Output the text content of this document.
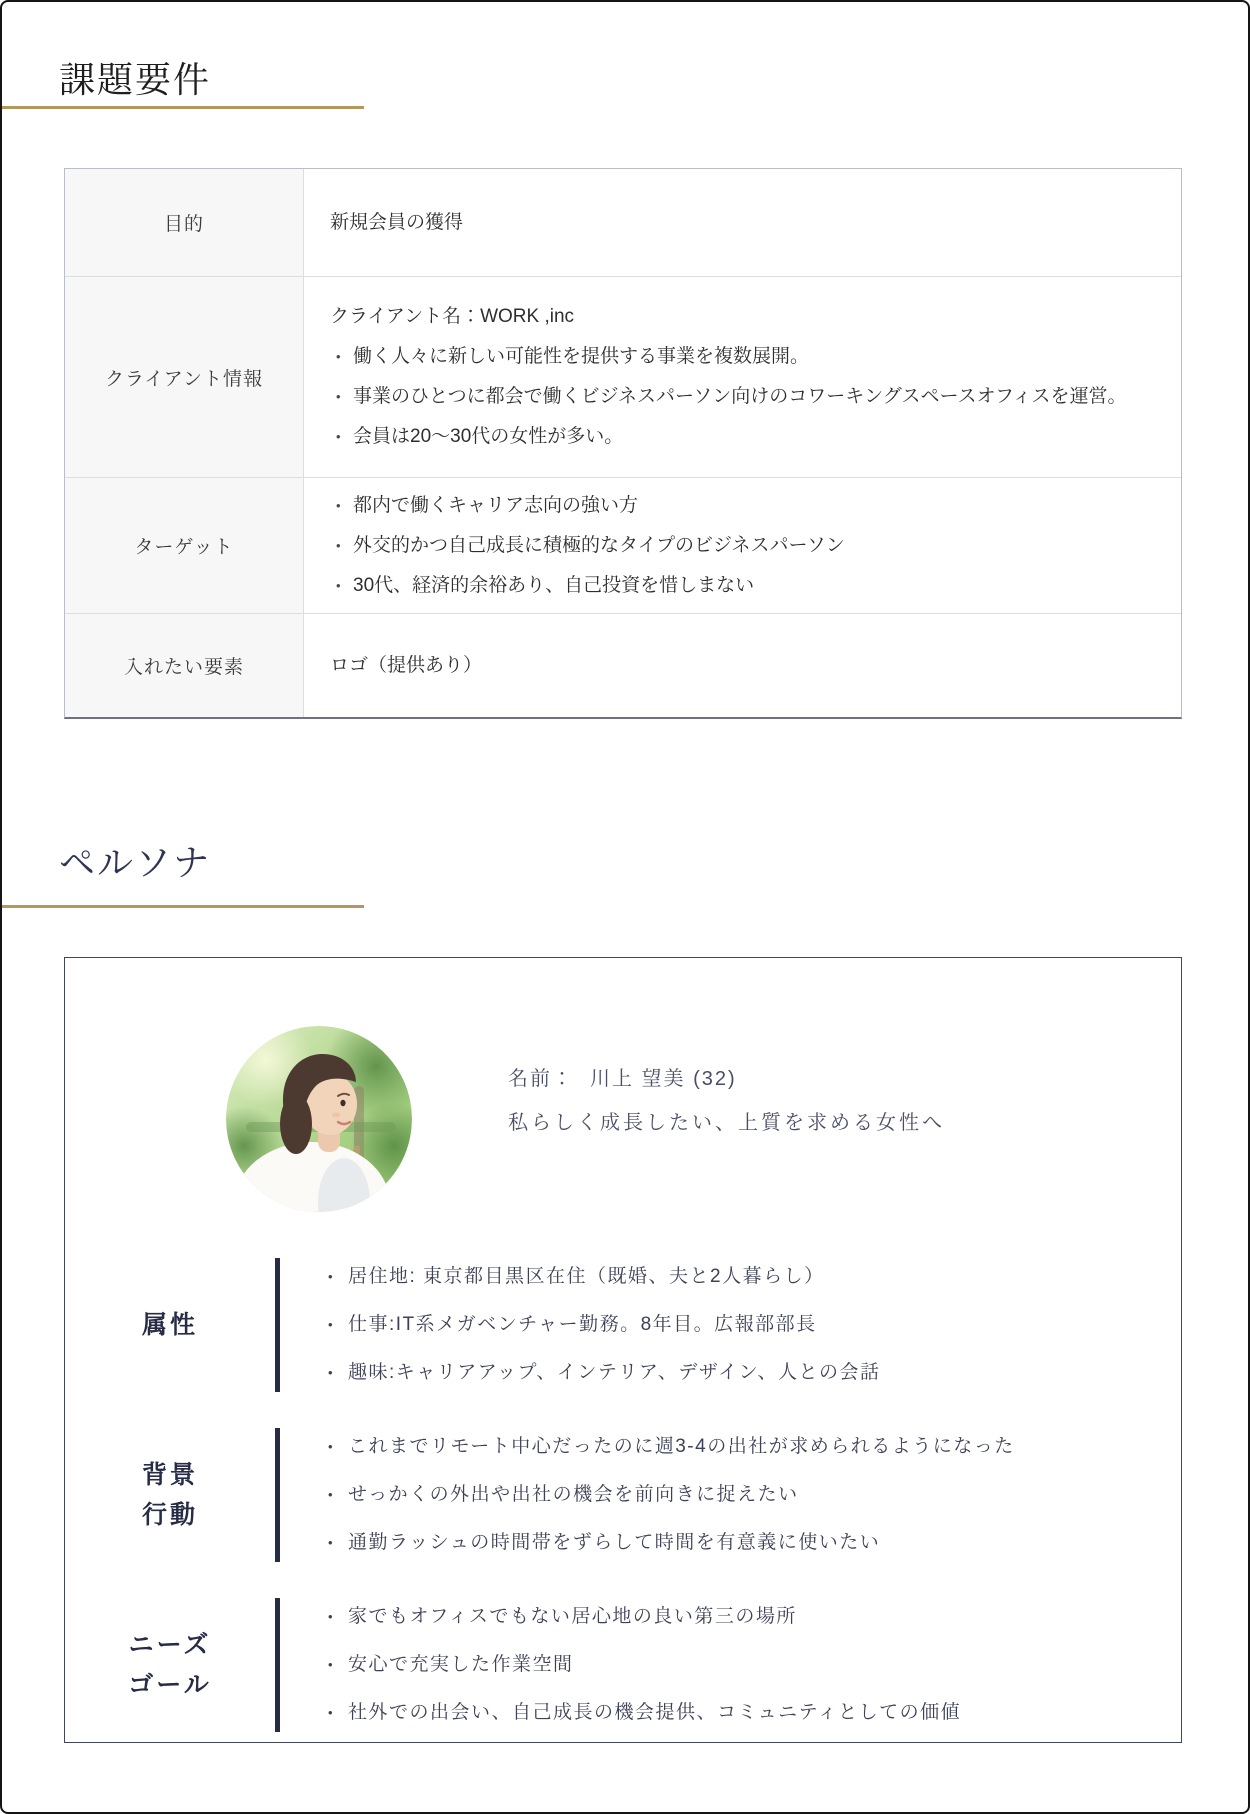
課題要件
目的	新規会員の獲得
クライアント情報
クライアント名：WORK ,inc
• 働く人々に新しい可能性を提供する事業を複数展開。
• 事業のひとつに都会で働くビジネスパーソン向けのコワーキングスペースオフィスを運営。
• 会員は20〜30代の女性が多い。
ターゲット
• 都内で働くキャリア志向の強い方
• 外交的かつ自己成長に積極的なタイプのビジネスパーソン
• 30代、経済的余裕あり、自己投資を惜しまない
入れたい要素	ロゴ（提供あり）
ペルソナ
名前： 川上 望美 (32)
私らしく成長したい、上質を求める女性へ
属性
• 居住地: 東京都目黒区在住（既婚、夫と2人暮らし）
• 仕事:IT系メガベンチャー勤務。8年目。広報部部長
• 趣味:キャリアアップ、インテリア、デザイン、人との会話
背景
行動
• これまでリモート中心だったのに週3-4の出社が求められるようになった
• せっかくの外出や出社の機会を前向きに捉えたい
• 通勤ラッシュの時間帯をずらして時間を有意義に使いたい
ニーズ
ゴール
• 家でもオフィスでもない居心地の良い第三の場所
• 安心で充実した作業空間
• 社外での出会い、自己成長の機会提供、コミュニティとしての価値
